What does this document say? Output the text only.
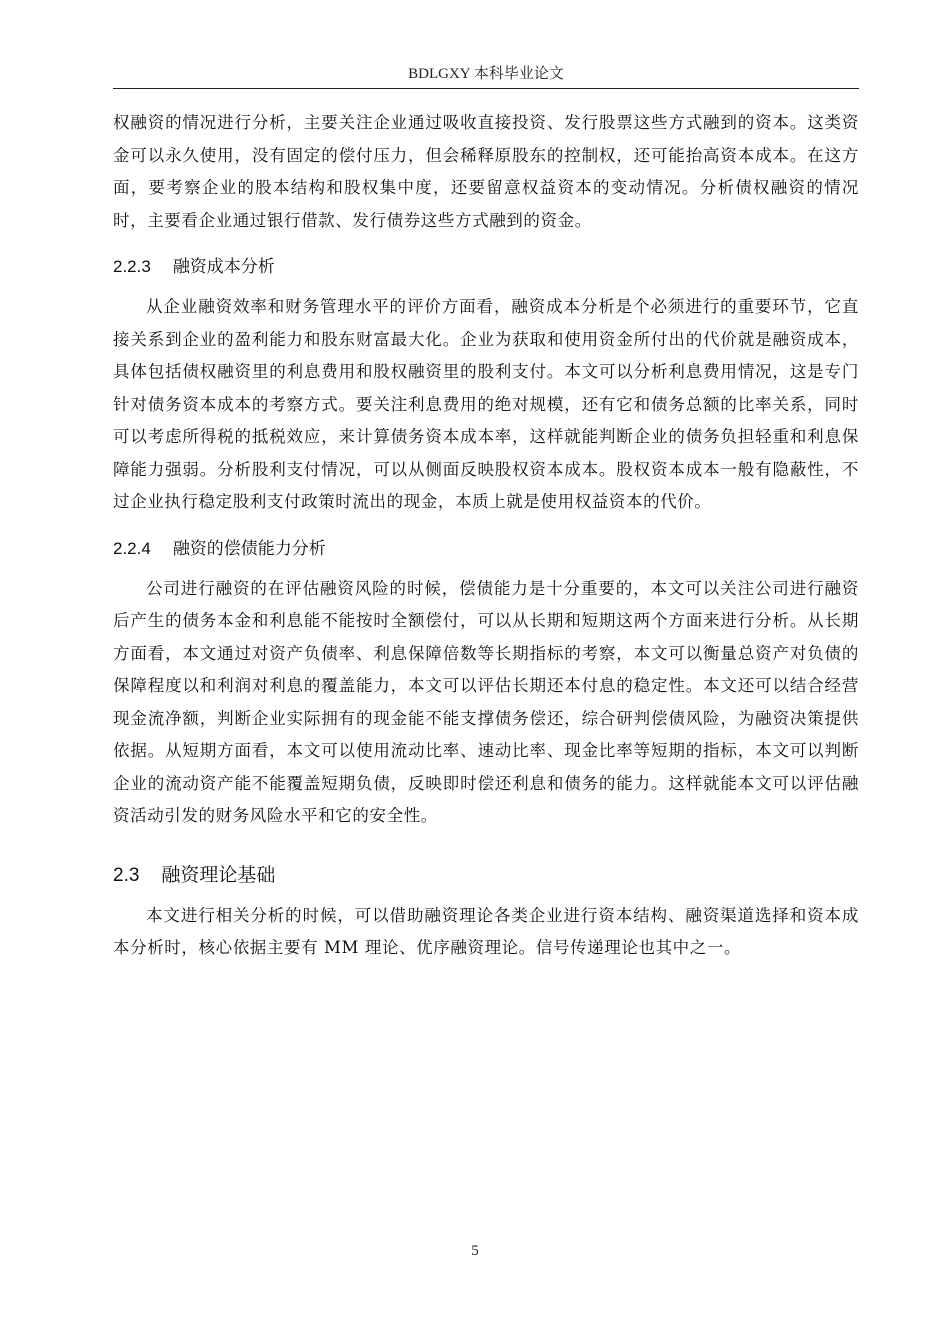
BDLGXY 本科毕业论文

权融资的情况进行分析，主要关注企业通过吸收直接投资、发行股票这些方式融到的资本。这类资金可以永久使用，没有固定的偿付压力，但会稀释原股东的控制权，还可能抬高资本成本。在这方面，要考察企业的股本结构和股权集中度，还要留意权益资本的变动情况。分析债权融资的情况时，主要看企业通过银行借款、发行债券这些方式融到的资金。

2.2.3 融资成本分析

从企业融资效率和财务管理水平的评价方面看，融资成本分析是个必须进行的重要环节，它直接关系到企业的盈利能力和股东财富最大化。企业为获取和使用资金所付出的代价就是融资成本，具体包括债权融资里的利息费用和股权融资里的股利支付。本文可以分析利息费用情况，这是专门针对债务资本成本的考察方式。要关注利息费用的绝对规模，还有它和债务总额的比率关系，同时可以考虑所得税的抵税效应，来计算债务资本成本率，这样就能判断企业的债务负担轻重和利息保障能力强弱。分析股利支付情况，可以从侧面反映股权资本成本。股权资本成本一般有隐蔽性，不过企业执行稳定股利支付政策时流出的现金，本质上就是使用权益资本的代价。

2.2.4 融资的偿债能力分析

公司进行融资的在评估融资风险的时候，偿债能力是十分重要的，本文可以关注公司进行融资后产生的债务本金和利息能不能按时全额偿付，可以从长期和短期这两个方面来进行分析。从长期方面看，本文通过对资产负债率、利息保障倍数等长期指标的考察，本文可以衡量总资产对负债的保障程度以和利润对利息的覆盖能力，本文可以评估长期还本付息的稳定性。本文还可以结合经营现金流净额，判断企业实际拥有的现金能不能支撑债务偿还，综合研判偿债风险，为融资决策提供依据。从短期方面看，本文可以使用流动比率、速动比率、现金比率等短期的指标，本文可以判断企业的流动资产能不能覆盖短期负债，反映即时偿还利息和债务的能力。这样就能本文可以评估融资活动引发的财务风险水平和它的安全性。

2.3 融资理论基础

本文进行相关分析的时候，可以借助融资理论各类企业进行资本结构、融资渠道选择和资本成本分析时，核心依据主要有 MM 理论、优序融资理论。信号传递理论也其中之一。

5
